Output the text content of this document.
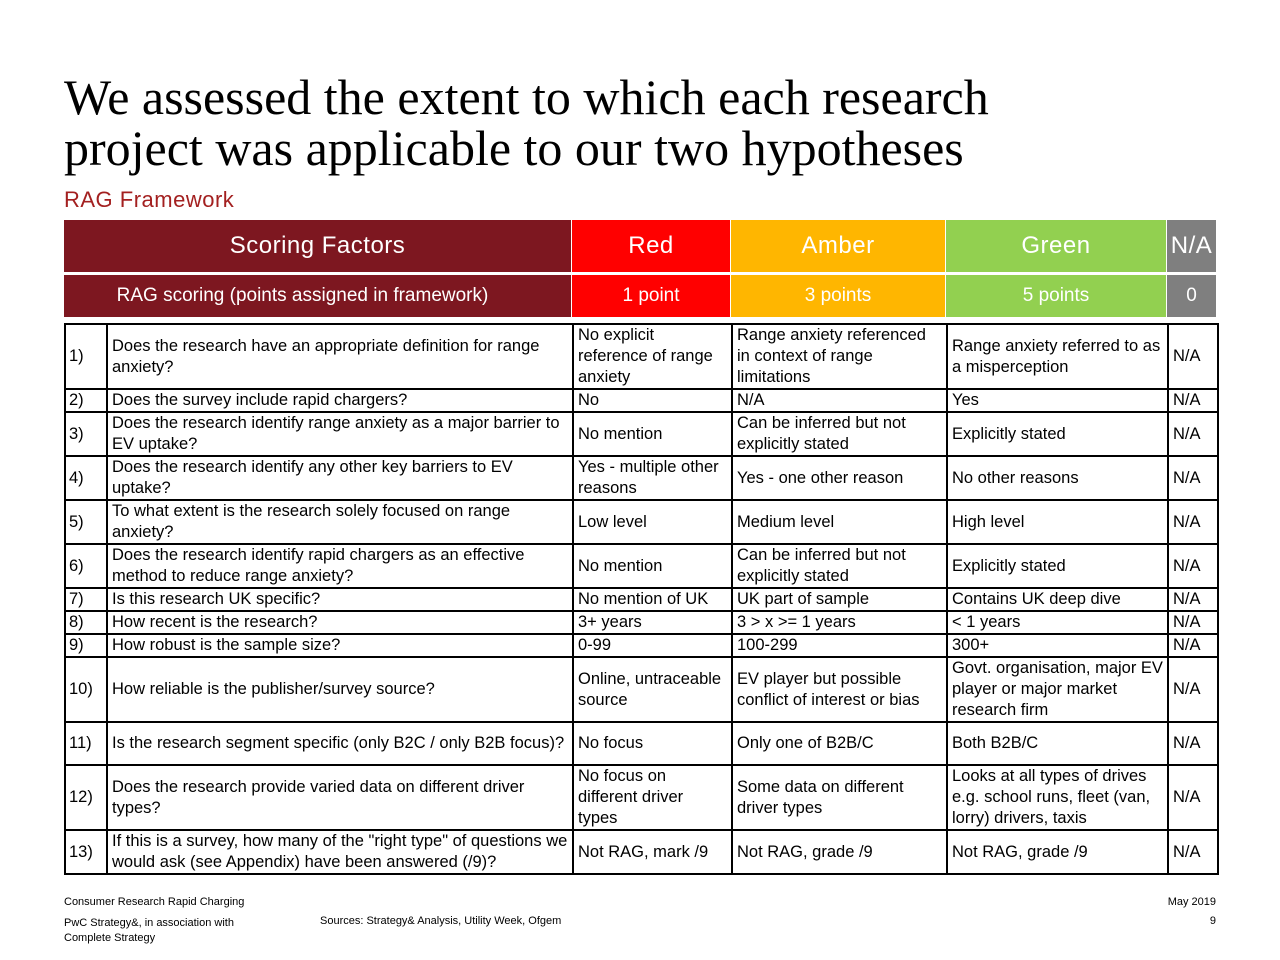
We assessed the extent to which each research
project was applicable to our two hypotheses
RAG Framework
Scoring Factors	Red	Amber	Green	N/A
RAG scoring (points assigned in framework)	1 point	3 points	5 points	0
1)	Does the research have an appropriate definition for range anxiety?	No explicit reference of range anxiety	Range anxiety referenced in context of range limitations	Range anxiety referred to as a misperception	N/A
2)	Does the survey include rapid chargers?	No	N/A	Yes	N/A
3)	Does the research identify range anxiety as a major barrier to EV uptake?	No mention	Can be inferred but not explicitly stated	Explicitly stated	N/A
4)	Does the research identify any other key barriers to EV uptake?	Yes - multiple other reasons	Yes - one other reason	No other reasons	N/A
5)	To what extent is the research solely focused on range anxiety?	Low level	Medium level	High level	N/A
6)	Does the research identify rapid chargers as an effective method to reduce range anxiety?	No mention	Can be inferred but not explicitly stated	Explicitly stated	N/A
7)	Is this research UK specific?	No mention of UK	UK part of sample	Contains UK deep dive	N/A
8)	How recent is the research?	3+ years	3 > x >= 1 years	< 1 years	N/A
9)	How robust is the sample size?	0-99	100-299	300+	N/A
10)	How reliable is the publisher/survey source?	Online, untraceable source	EV player but possible conflict of interest or bias	Govt. organisation, major EV player or major market research firm	N/A
11)	Is the research segment specific (only B2C / only B2B focus)?	No focus	Only one of B2B/C	Both B2B/C	N/A
12)	Does the research provide varied data on different driver types?	No focus on different driver types	Some data on different driver types	Looks at all types of drives e.g. school runs, fleet (van, lorry) drivers, taxis	N/A
13)	If this is a survey, how many of the "right type" of questions we would ask (see Appendix) have been answered (/9)?	Not RAG, mark /9	Not RAG, grade /9	Not RAG, grade /9	N/A
Consumer Research Rapid Charging
PwC Strategy&, in association with
Complete Strategy
Sources: Strategy& Analysis, Utility Week, Ofgem
May 2019
9
